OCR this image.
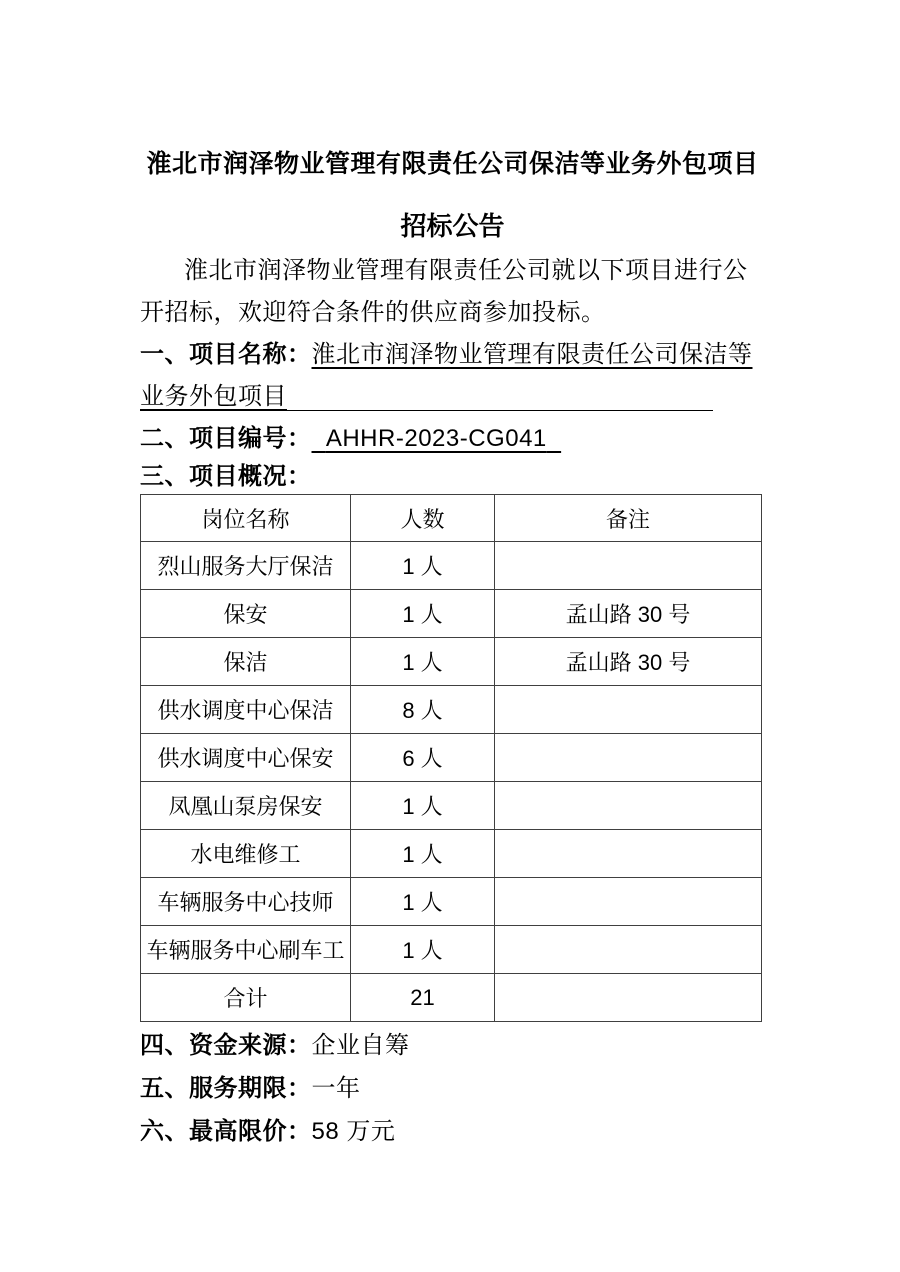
淮北市润泽物业管理有限责任公司保洁等业务外包项目
招标公告

淮北市润泽物业管理有限责任公司就以下项目进行公开招标，欢迎符合条件的供应商参加投标。

一、项目名称：淮北市润泽物业管理有限责任公司保洁等业务外包项目
二、项目编号： AHHR-2023-CG041
三、项目概况：
岗位名称	人数	备注
烈山服务大厅保洁	1 人	
保安	1 人	孟山路 30 号
保洁	1 人	孟山路 30 号
供水调度中心保洁	8 人	
供水调度中心保安	6 人	
凤凰山泵房保安	1 人	
水电维修工	1 人	
车辆服务中心技师	1 人	
车辆服务中心刷车工	1 人	
合计	21	
四、资金来源：企业自筹
五、服务期限：一年
六、最高限价：58 万元
